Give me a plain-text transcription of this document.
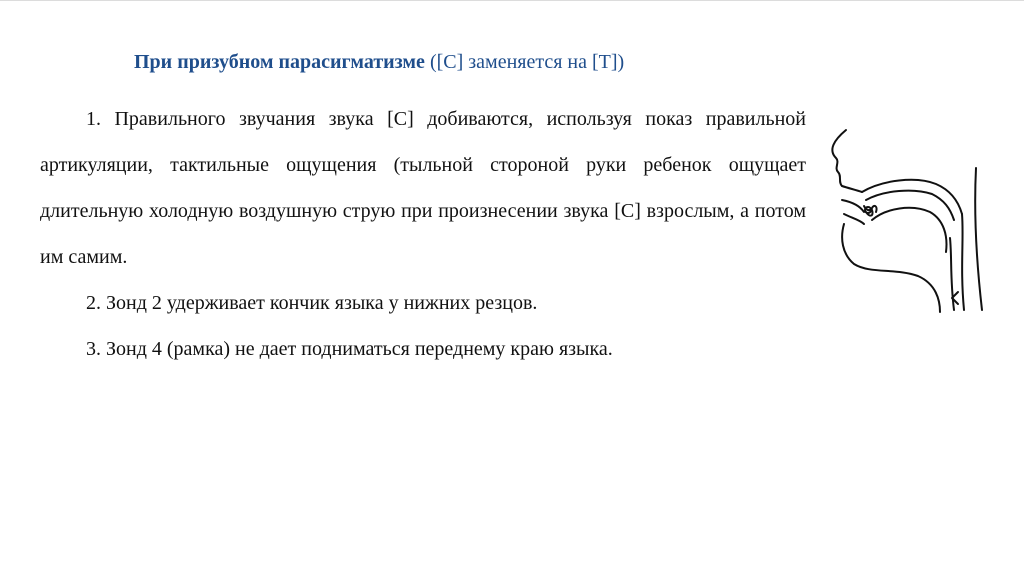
При призубном парасигматизме ([С] заменяется на [Т])

1. Правильного звучания звука [С] добиваются, используя показ правильной артикуляции, тактильные ощущения (тыльной стороной руки ребенок ощущает длительную холодную воздушную струю при произнесении звука [С] взрослым, а потом им самим.

2. Зонд 2 удерживает кончик языка у нижних резцов.

3. Зонд 4 (рамка) не дает подниматься переднему краю языка.
